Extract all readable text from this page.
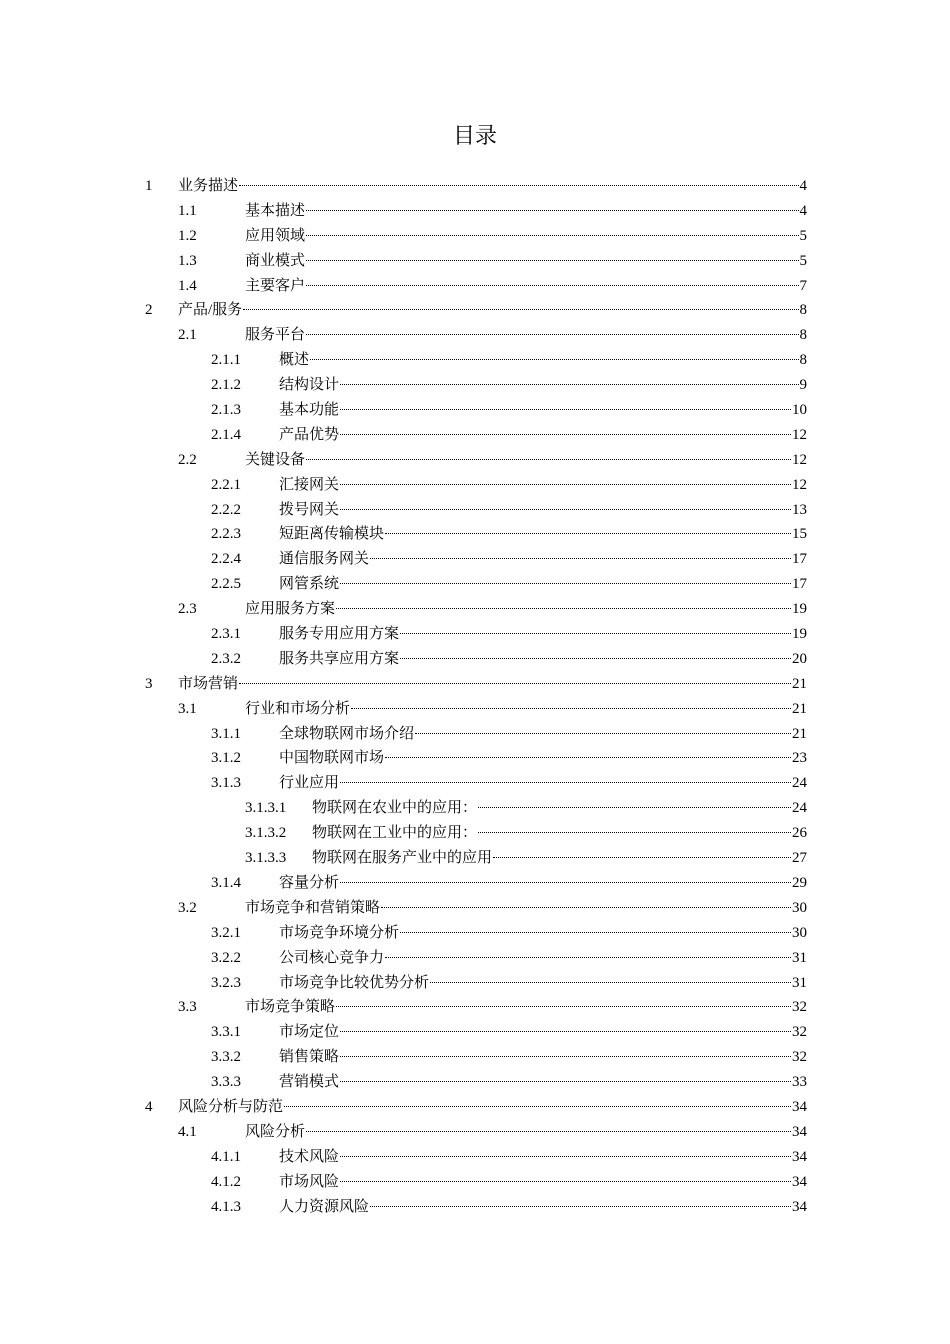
目录
1 业务描述	4
1.1	基本描述	4
1.2	应用领域	5
1.3	商业模式	5
1.4	主要客户	7
2 产品/服务	8
2.1	服务平台	8
2.1.1	概述	8
2.1.2	结构设计	9
2.1.3	基本功能	10
2.1.4	产品优势	12
2.2	关键设备	12
2.2.1	汇接网关	12
2.2.2	拨号网关	13
2.2.3	短距离传输模块	15
2.2.4	通信服务网关	17
2.2.5	网管系统	17
2.3	应用服务方案	19
2.3.1	服务专用应用方案	19
2.3.2	服务共享应用方案	20
3 市场营销	21
3.1	行业和市场分析	21
3.1.1	全球物联网市场介绍	21
3.1.2	中国物联网市场	23
3.1.3	行业应用	24
3.1.3.1 物联网在农业中的应用：	24
3.1.3.2 物联网在工业中的应用：	26
3.1.3.3 物联网在服务产业中的应用	27
3.1.4	容量分析	29
3.2	市场竞争和营销策略	30
3.2.1	市场竞争环境分析	30
3.2.2	公司核心竞争力	31
3.2.3	市场竞争比较优势分析	31
3.3	市场竞争策略	32
3.3.1	市场定位	32
3.3.2	销售策略	32
3.3.3	营销模式	33
4 风险分析与防范	34
4.1	风险分析	34
4.1.1	技术风险	34
4.1.2	市场风险	34
4.1.3	人力资源风险	34
